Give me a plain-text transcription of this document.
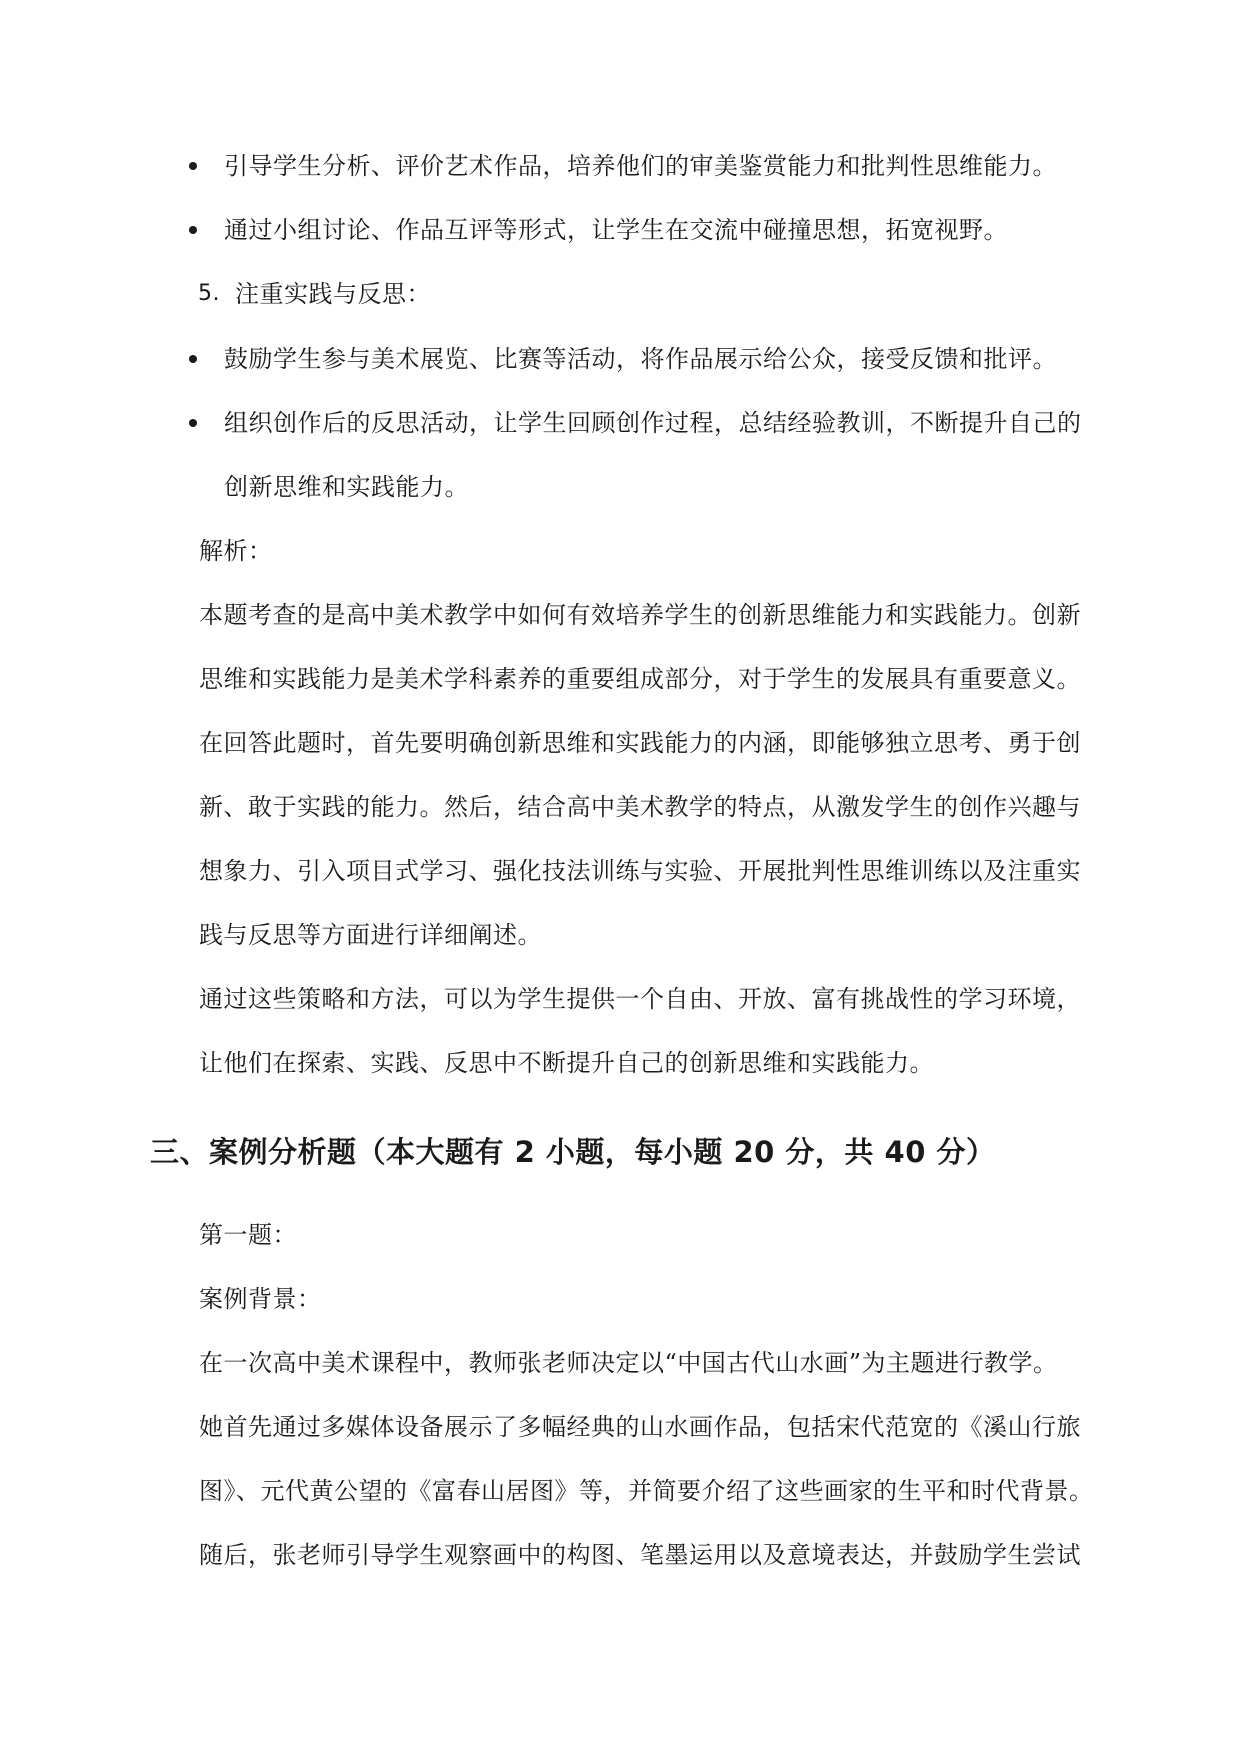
引导学生分析、评价艺术作品，培养他们的审美鉴赏能力和批判性思维能力。
通过小组讨论、作品互评等形式，让学生在交流中碰撞思想，拓宽视野。
5. 注重实践与反思：
鼓励学生参与美术展览、比赛等活动，将作品展示给公众，接受反馈和批评。
组织创作后的反思活动，让学生回顾创作过程，总结经验教训，不断提升自己的
创新思维和实践能力。
解析：
本题考查的是高中美术教学中如何有效培养学生的创新思维能力和实践能力。创新
思维和实践能力是美术学科素养的重要组成部分，对于学生的发展具有重要意义。
在回答此题时，首先要明确创新思维和实践能力的内涵，即能够独立思考、勇于创
新、敢于实践的能力。然后，结合高中美术教学的特点，从激发学生的创作兴趣与
想象力、引入项目式学习、强化技法训练与实验、开展批判性思维训练以及注重实
践与反思等方面进行详细阐述。
通过这些策略和方法，可以为学生提供一个自由、开放、富有挑战性的学习环境，
让他们在探索、实践、反思中不断提升自己的创新思维和实践能力。
三、案例分析题（本大题有 2 小题，每小题 20 分，共 40 分）
第一题：
案例背景：
在一次高中美术课程中，教师张老师决定以“中国古代山水画”为主题进行教学。
她首先通过多媒体设备展示了多幅经典的山水画作品，包括宋代范宽的《溪山行旅
图》、元代黄公望的《富春山居图》等，并简要介绍了这些画家的生平和时代背景。
随后，张老师引导学生观察画中的构图、笔墨运用以及意境表达，并鼓励学生尝试
